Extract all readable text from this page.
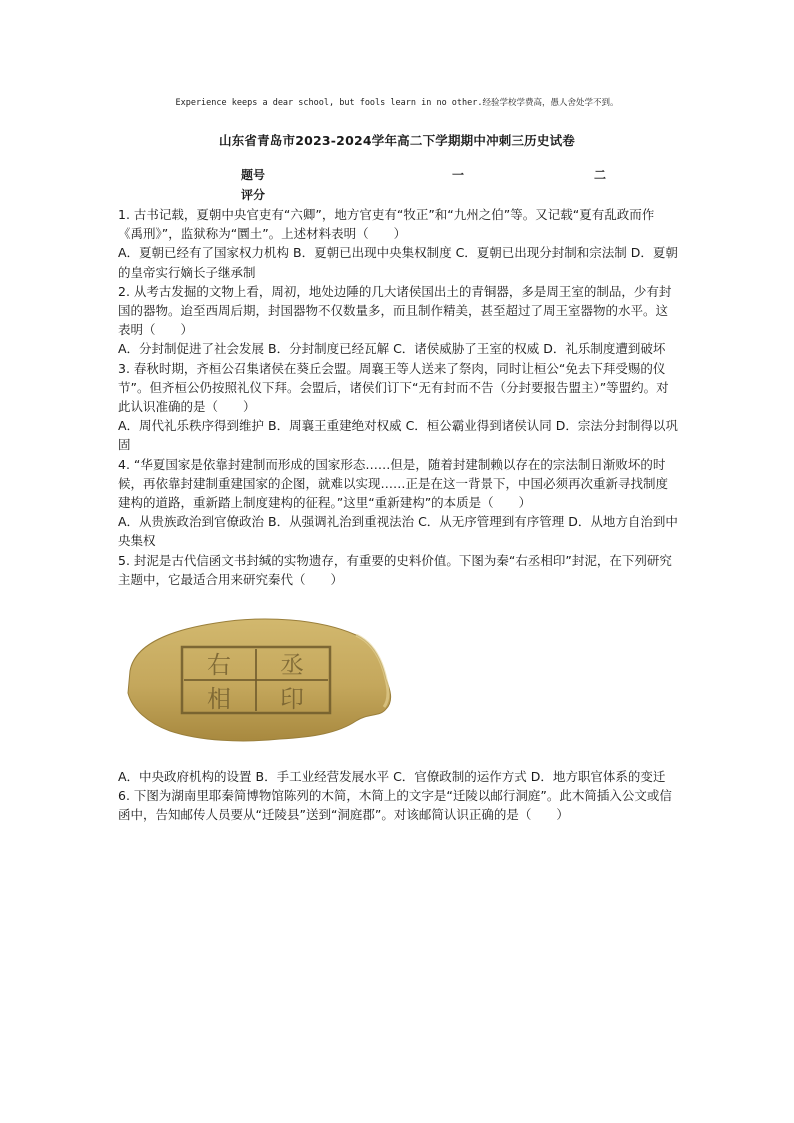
Experience keeps a dear school, but fools learn in no other.经验学校学费高，愚人舍处学不到。
山东省青岛市2023-2024学年高二下学期期中冲刺三历史试卷
题号	一	二
评分

1. 古书记载，夏朝中央官吏有“六卿”，地方官吏有“牧正”和“九州之伯”等。又记载“夏有乱政而作《禹刑》”，监狱称为“圜土”。上述材料表明（　　）

A．夏朝已经有了国家权力机构 B．夏朝已出现中央集权制度 C．夏朝已出现分封制和宗法制 D．夏朝的皇帝实行嫡长子继承制

2. 从考古发掘的文物上看，周初，地处边陲的几大诸侯国出土的青铜器，多是周王室的制品，少有封国的器物。迨至西周后期，封国器物不仅数量多，而且制作精美，甚至超过了周王室器物的水平。这表明（　　）

A．分封制促进了社会发展 B．分封制度已经瓦解 C．诸侯威胁了王室的权威 D．礼乐制度遭到破坏

3. 春秋时期，齐桓公召集诸侯在葵丘会盟。周襄王等人送来了祭肉，同时让桓公“免去下拜受赐的仪节”。但齐桓公仍按照礼仪下拜。会盟后，诸侯们订下“无有封而不告（分封要报告盟主）”等盟约。对此认识准确的是（　　）

A．周代礼乐秩序得到维护 B．周襄王重建绝对权威 C．桓公霸业得到诸侯认同 D．宗法分封制得以巩固

4. “华夏国家是依靠封建制而形成的国家形态……但是，随着封建制赖以存在的宗法制日渐败坏的时候，再依靠封建制重建国家的企图，就难以实现……正是在这一背景下，中国必须再次重新寻找制度建构的道路，重新踏上制度建构的征程。”这里“重新建构”的本质是（　　）

A．从贵族政治到官僚政治 B．从强调礼治到重视法治 C．从无序管理到有序管理 D．从地方自治到中央集权

5. 封泥是古代信函文书封缄的实物遗存，有重要的史料价值。下图为秦“右丞相印”封泥，在下列研究主题中，它最适合用来研究秦代（　　）

右 丞
相 印

A．中央政府机构的设置 B．手工业经营发展水平 C．官僚政制的运作方式 D．地方职官体系的变迁

6. 下图为湖南里耶秦简博物馆陈列的木简，木简上的文字是“迁陵以邮行洞庭”。此木简插入公文或信函中，告知邮传人员要从“迁陵县”送到“洞庭郡”。对该邮简认识正确的是（　　）
